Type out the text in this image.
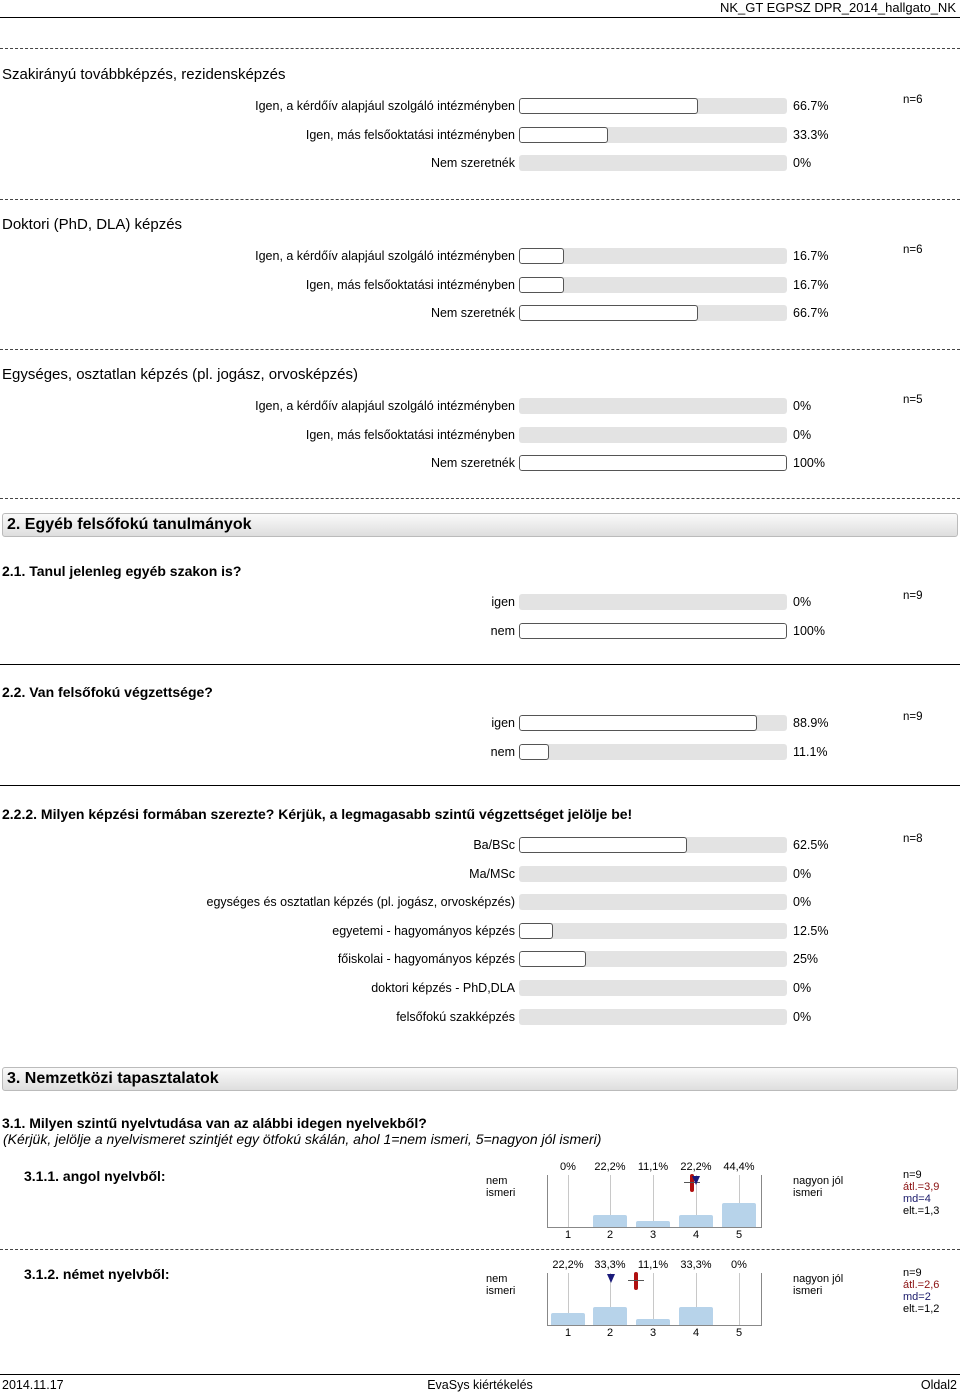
NK_GT EGPSZ DPR_2014_hallgato_NK
Szakirányú továbbképzés, rezidensképzés
Igen, a kérdőív alapjául szolgáló intézményben	66.7%
Igen, más felsőoktatási intézményben	33.3%
Nem szeretnék	0%
n=6
Doktori (PhD, DLA) képzés
Igen, a kérdőív alapjául szolgáló intézményben	16.7%
Igen, más felsőoktatási intézményben	16.7%
Nem szeretnék	66.7%
n=6
Egységes, osztatlan képzés (pl. jogász, orvosképzés)
Igen, a kérdőív alapjául szolgáló intézményben	0%
Igen, más felsőoktatási intézményben	0%
Nem szeretnék	100%
n=5
2. Egyéb felsőfokú tanulmányok
2.1. Tanul jelenleg egyéb szakon is?
igen	0%
nem	100%
n=9
2.2. Van felsőfokú végzettsége?
igen	88.9%
nem	11.1%
n=9
2.2.2. Milyen képzési formában szerezte? Kérjük, a legmagasabb szintű végzettséget jelölje be!
Ba/BSc	62.5%
Ma/MSc	0%
egységes és osztatlan képzés (pl. jogász, orvosképzés)	0%
egyetemi - hagyományos képzés	12.5%
főiskolai - hagyományos képzés	25%
doktori képzés - PhD,DLA	0%
felsőfokú szakképzés	0%
n=8
3. Nemzetközi tapasztalatok
3.1. Milyen szintű nyelvtudása van az alábbi idegen nyelvekből?
(Kérjük, jelölje a nyelvismeret szintjét egy ötfokú skálán, ahol 1=nem ismeri, 5=nagyon jól ismeri)
3.1.1. angol nyelvből:	nem
ismeri
nagyon jól
ismeri
0%
1
22,2%
2
11,1%
3
22,2%
4
44,4%
5
n=9
átl.=3,9
md=4
elt.=1,3
3.1.2. német nyelvből:	nem
ismeri
nagyon jól
ismeri
22,2%
1
33,3%
2
11,1%
3
33,3%
4
0%
5
n=9
átl.=2,6
md=2
elt.=1,2
2014.11.17	EvaSys kiértékelés	Oldal2
